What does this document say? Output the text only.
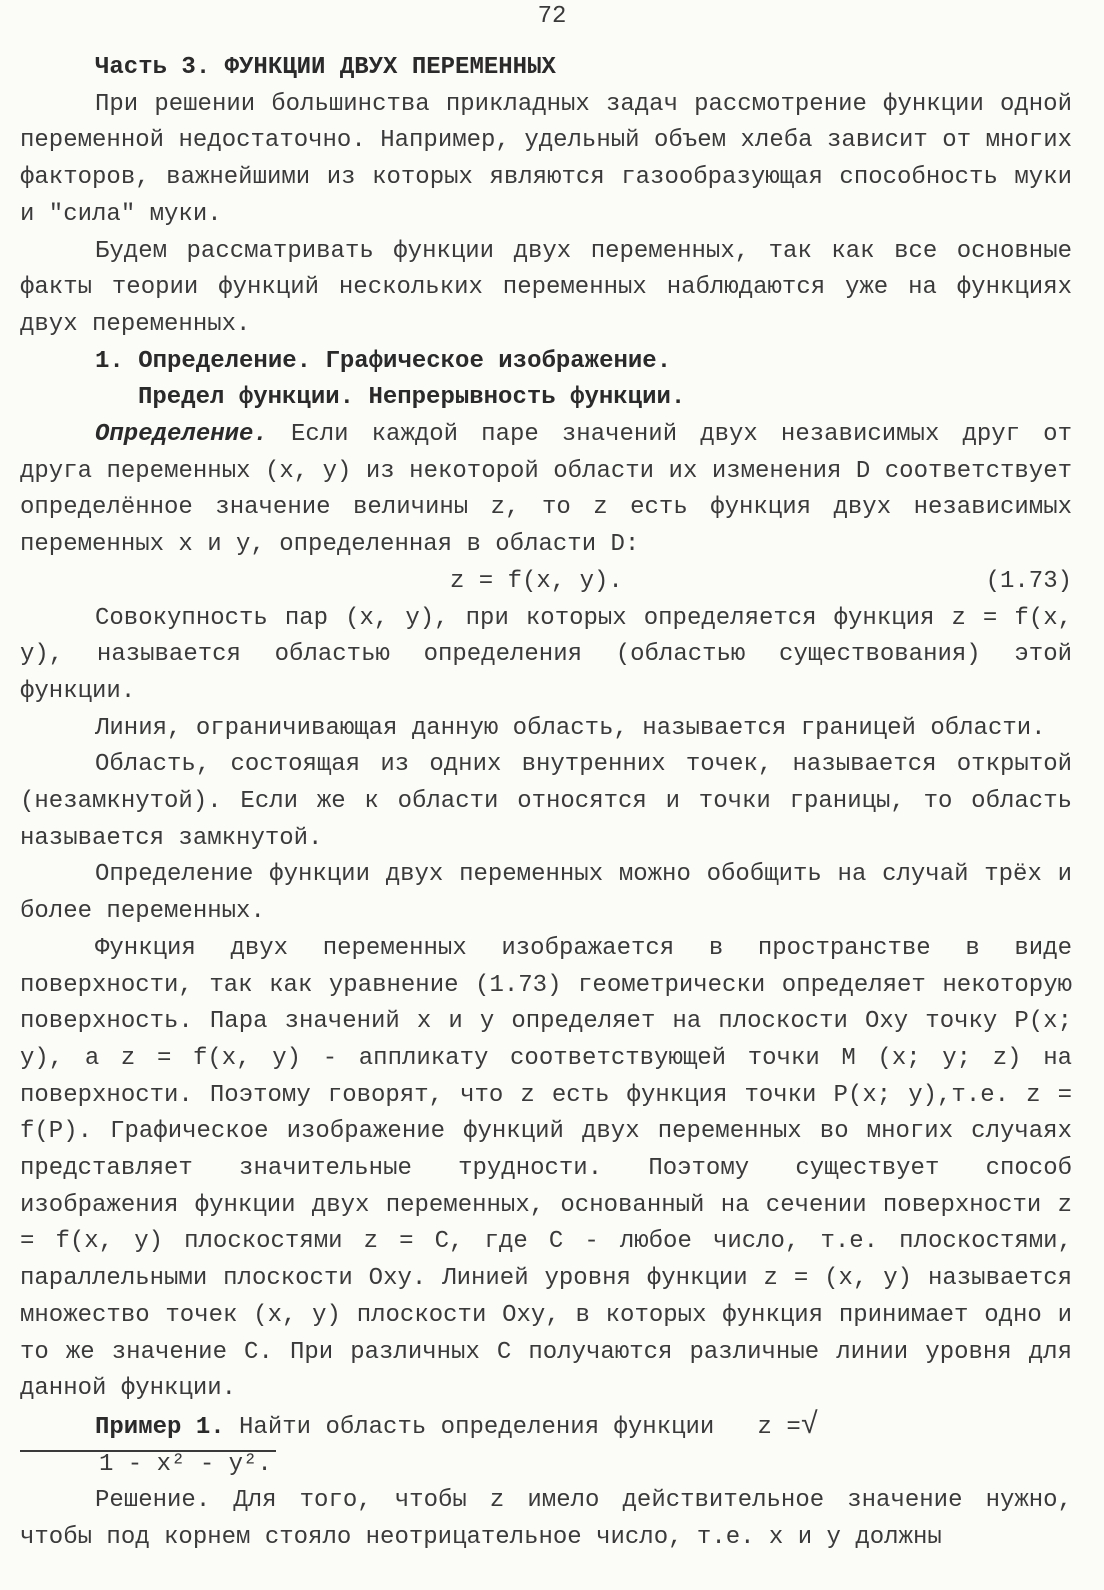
72

Часть 3. ФУНКЦИИ ДВУХ ПЕРЕМЕННЫХ

При решении большинства прикладных задач рассмотрение функции одной переменной недостаточно. Например, удельный объем хлеба зависит от многих факторов, важнейшими из которых являются газообразующая способность муки и "сила" муки.

Будем рассматривать функции двух переменных, так как все основные факты теории функций нескольких переменных наблюдаются уже на функциях двух переменных.

1. Определение. Графическое изображение.

Предел функции. Непрерывность функции.

Определение. Если каждой паре значений двух независимых друг от друга переменных (x, y) из некоторой области их изменения D соответствует определённое значение величины z, то z есть функция двух независимых переменных x и y, определенная в области D:

z = f(x, y).	(1.73)

Совокупность пар (x, y), при которых определяется функция z = f(x, y), называется областью определения (областью существования) этой функции.

Линия, ограничивающая данную область, называется границей области.

Область, состоящая из одних внутренних точек, называется открытой (незамкнутой). Если же к области относятся и точки границы, то область называется замкнутой.

Определение функции двух переменных можно обобщить на случай трёх и более переменных.

Функция двух переменных изображается в пространстве в виде поверхности, так как уравнение (1.73) геометрически определяет некоторую поверхность. Пара значений x и y определяет на плоскости Oxy точку P(x; y), а z = f(x, y) - аппликату соответствующей точки M (x; y; z) на поверхности. Поэтому говорят, что z есть функция точки P(x; y),т.е. z = f(P). Графическое изображение функций двух переменных во многих случаях представляет значительные трудности. Поэтому существует способ изображения функции двух переменных, основанный на сечении поверхности z = f(x, y) плоскостями z = C, где C - любое число, т.е. плоскостями, параллельными плоскости Oxy. Линией уровня функции z = (x, y) называется множество точек (x, y) плоскости Oxy, в которых функция принимает одно и то же значение C. При различных C получаются различные линии уровня для данной функции.

Пример 1. Найти область определения функции z =√1 - x² - y².

Решение. Для того, чтобы z имело действительное значение нужно, чтобы под корнем стояло неотрицательное число, т.е. x и y должны
